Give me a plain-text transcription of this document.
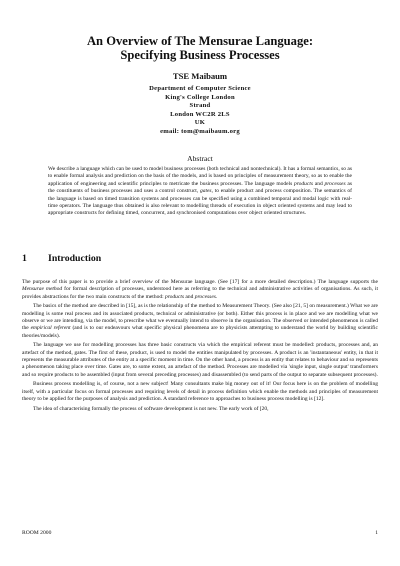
An Overview of The Mensurae Language:
Specifying Business Processes
TSE Maibaum
Department of Computer Science
King's College London
Strand
London WC2R 2LS
UK
email: tom@maibaum.org
Abstract
We describe a language which can be used to model business processes (both technical and nontechnical). It has a formal semantics, so as to enable formal analysis and prediction on the basis of the models, and is based on principles of measurement theory, so as to enable the application of engineering and scientific principles to metricate the business processes. The language models products and processes as the constituents of business processes and uses a control construct, gates, to enable product and process composition. The semantics of the language is based on timed transition systems and processes can be specified using a combined temporal and modal logic with real-time operators. The language thus obtained is also relevant to modelling threads of execution in object oriented systems and may lead to appropriate constructs for defining timed, concurrent, and synchronised computations over object oriented structures.
1 Introduction

The purpose of this paper is to provide a brief overview of the Mensurae language. (See [17] for a more detailed description.) The language supports the Mensurae method for formal description of processes, understood here as referring to the technical and administrative activities of organisations. As such, it provides abstractions for the two main constructs of the method: products and processes.

The basics of the method are described in [15], as is the relationship of the method to Measurement Theory. (See also [21, 5] on measurement.) What we are modelling is some real process and its associated products, technical or administrative (or both). Either this process is in place and we are modelling what we observe or we are intending, via the model, to prescribe what we eventually intend to observe in the organisation. The observed or intended phenomenon is called the empirical referent (and is to our endeavours what specific physical phenomena are to physicists attempting to understand the world by building scientific theories/models).

The language we use for modelling processes has three basic constructs via which the empirical referent must be modelled: products, processes and, an artefact of the method, gates. The first of these, product, is used to model the entities manipulated by processes. A product is an 'instantaneous' entity, in that it represents the measurable attributes of the entity at a specific moment in time. On the other hand, a process is an entity that relates to behaviour and so represents a phenomenon taking place over time. Gates are, to some extent, an artefact of the method. Processes are modelled via 'single input, single output' transformers and so require products to be assembled (input from several preceding processes) and disassembled (to send parts of the output to separate subsequent processes).

Business process modelling is, of course, not a new subject! Many consultants make big money out of it! Our focus here is on the problem of modelling itself, with a particular focus on formal processes and requiring levels of detail in process definition which enable the methods and principles of measurement theory to be applied for the purposes of analysis and prediction. A standard reference to approaches to business process modelling is [12].

The idea of characterising formally the process of software development is not new. The early work of [20,

ROOM 2000	1
